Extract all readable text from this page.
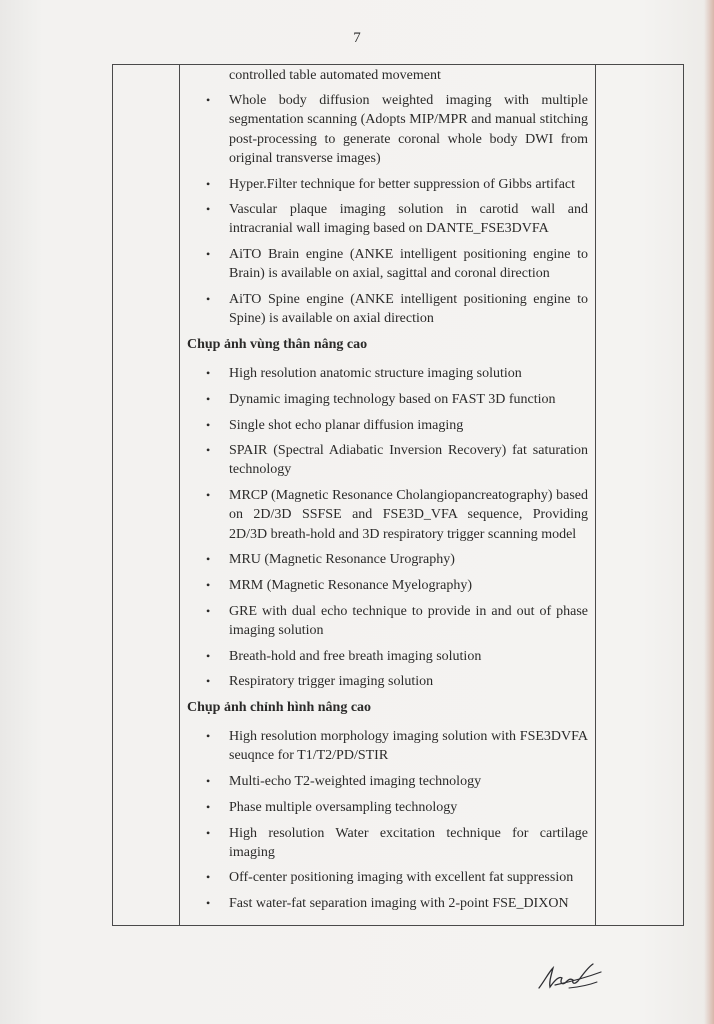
7
controlled table automated movement
• Whole body diffusion weighted imaging with multiple segmentation scanning (Adopts MIP/MPR and manual stitching post-processing to generate coronal whole body DWI from original transverse images)
• Hyper.Filter technique for better suppression of Gibbs artifact
• Vascular plaque imaging solution in carotid wall and intracranial wall imaging based on DANTE_FSE3DVFA
• AiTO Brain engine (ANKE intelligent positioning engine to Brain) is available on axial, sagittal and coronal direction
• AiTO Spine engine (ANKE intelligent positioning engine to Spine) is available on axial direction
Chụp ảnh vùng thân nâng cao
• High resolution anatomic structure imaging solution
• Dynamic imaging technology based on FAST 3D function
• Single shot echo planar diffusion imaging
• SPAIR (Spectral Adiabatic Inversion Recovery) fat saturation technology
• MRCP (Magnetic Resonance Cholangiopancreatography) based on 2D/3D SSFSE and FSE3D_VFA sequence, Providing 2D/3D breath-hold and 3D respiratory trigger scanning model
• MRU (Magnetic Resonance Urography)
• MRM (Magnetic Resonance Myelography)
• GRE with dual echo technique to provide in and out of phase imaging solution
• Breath-hold and free breath imaging solution
• Respiratory trigger imaging solution
Chụp ảnh chỉnh hình nâng cao
• High resolution morphology imaging solution with FSE3DVFA seuqnce for T1/T2/PD/STIR
• Multi-echo T2-weighted imaging technology
• Phase multiple oversampling technology
• High resolution Water excitation technique for cartilage imaging
• Off-center positioning imaging with excellent fat suppression
• Fast water-fat separation imaging with 2-point FSE_DIXON
